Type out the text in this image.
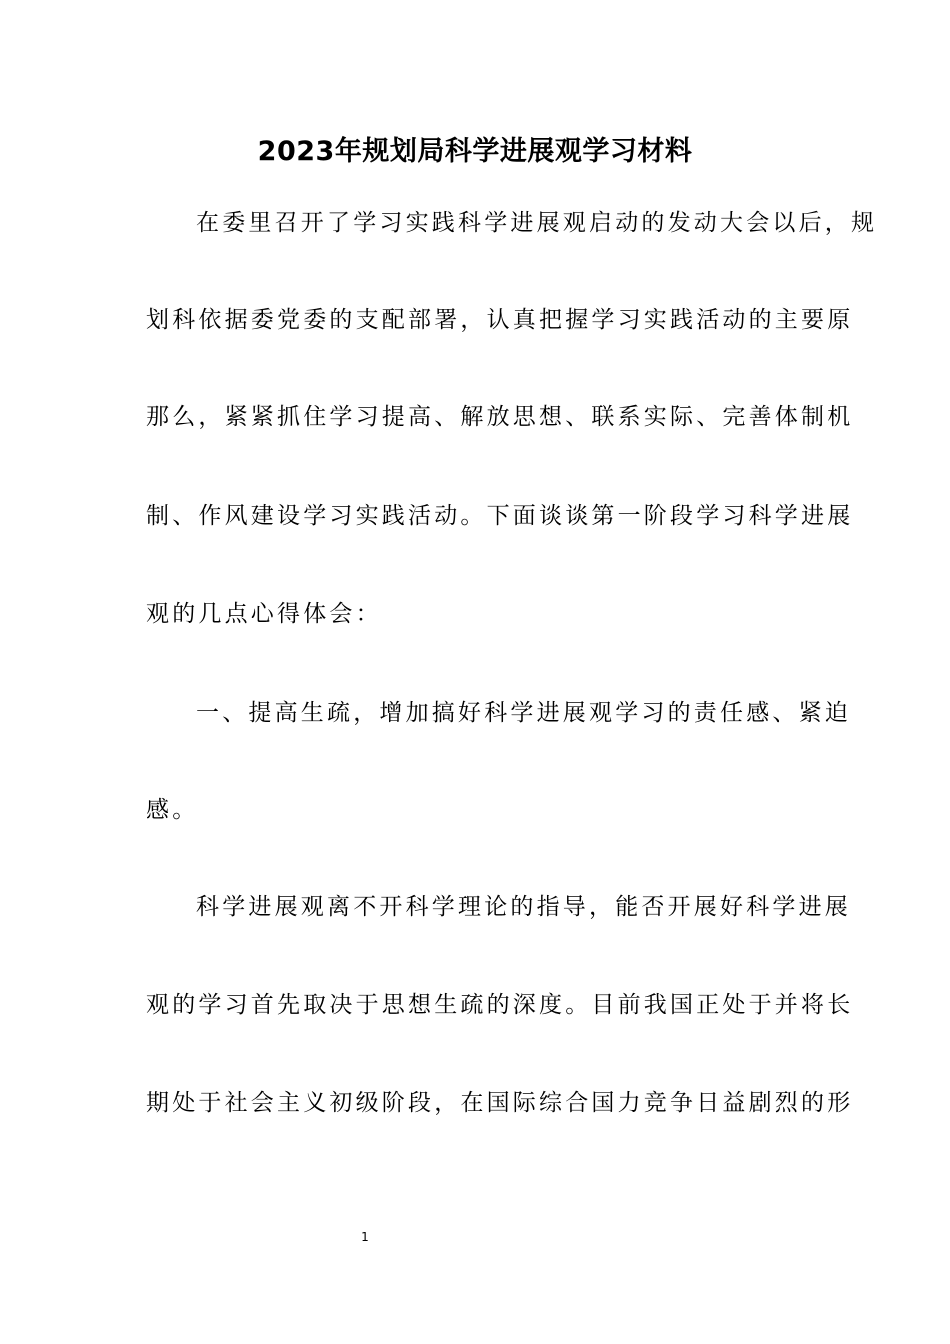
2023年规划局科学进展观学习材料
在委里召开了学习实践科学进展观启动的发动大会以后，规
划科依据委党委的支配部署，认真把握学习实践活动的主要原
那么，紧紧抓住学习提高、解放思想、联系实际、完善体制机
制、作风建设学习实践活动。下面谈谈第一阶段学习科学进展
观的几点心得体会：
一、提高生疏，增加搞好科学进展观学习的责任感、紧迫
感。
科学进展观离不开科学理论的指导，能否开展好科学进展
观的学习首先取决于思想生疏的深度。目前我国正处于并将长
期处于社会主义初级阶段，在国际综合国力竞争日益剧烈的形
1
